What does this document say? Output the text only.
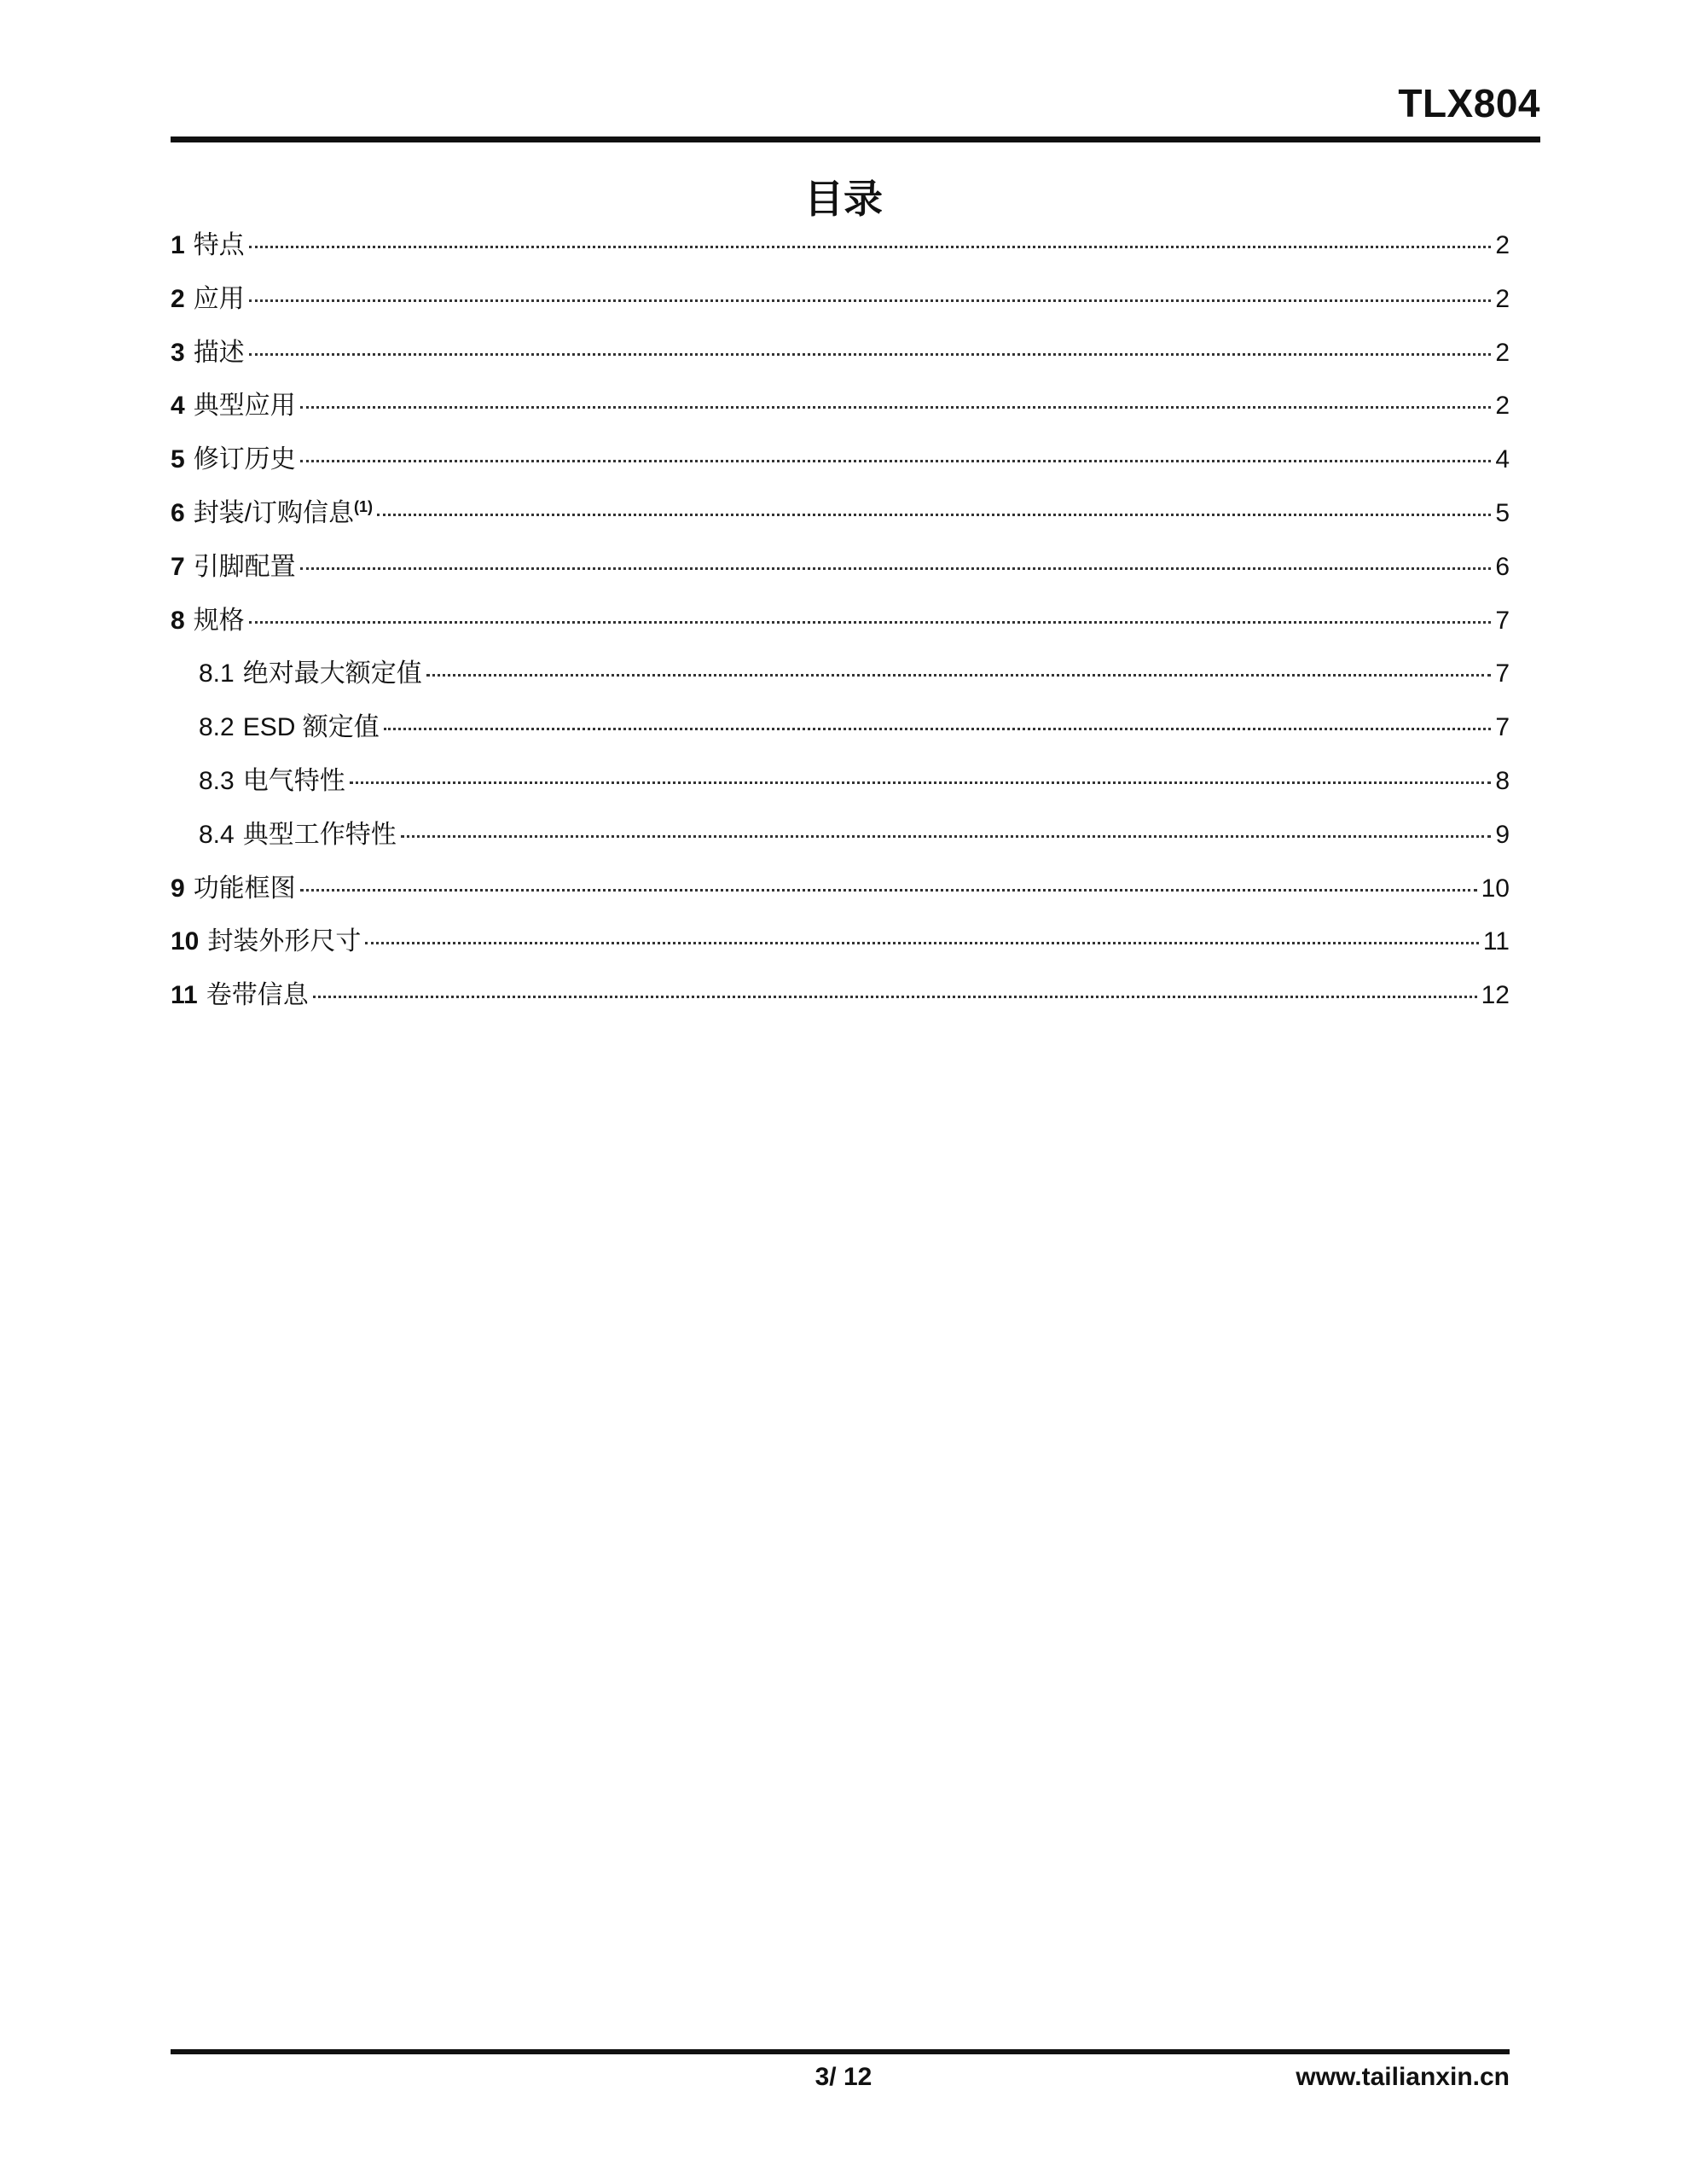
TLX804
目录
1 特点	2
2 应用	2
3 描述	2
4 典型应用	2
5 修订历史	4
6 封装/订购信息$^{(1)}$	5
7 引脚配置	6
8 规格	7
8.1 绝对最大额定值	7
8.2 ESD 额定值	7
8.3 电气特性	8
8.4 典型工作特性	9
9 功能框图	10
10 封装外形尺寸	11
11 卷带信息	12
3/ 12	www.tailianxin.cn
